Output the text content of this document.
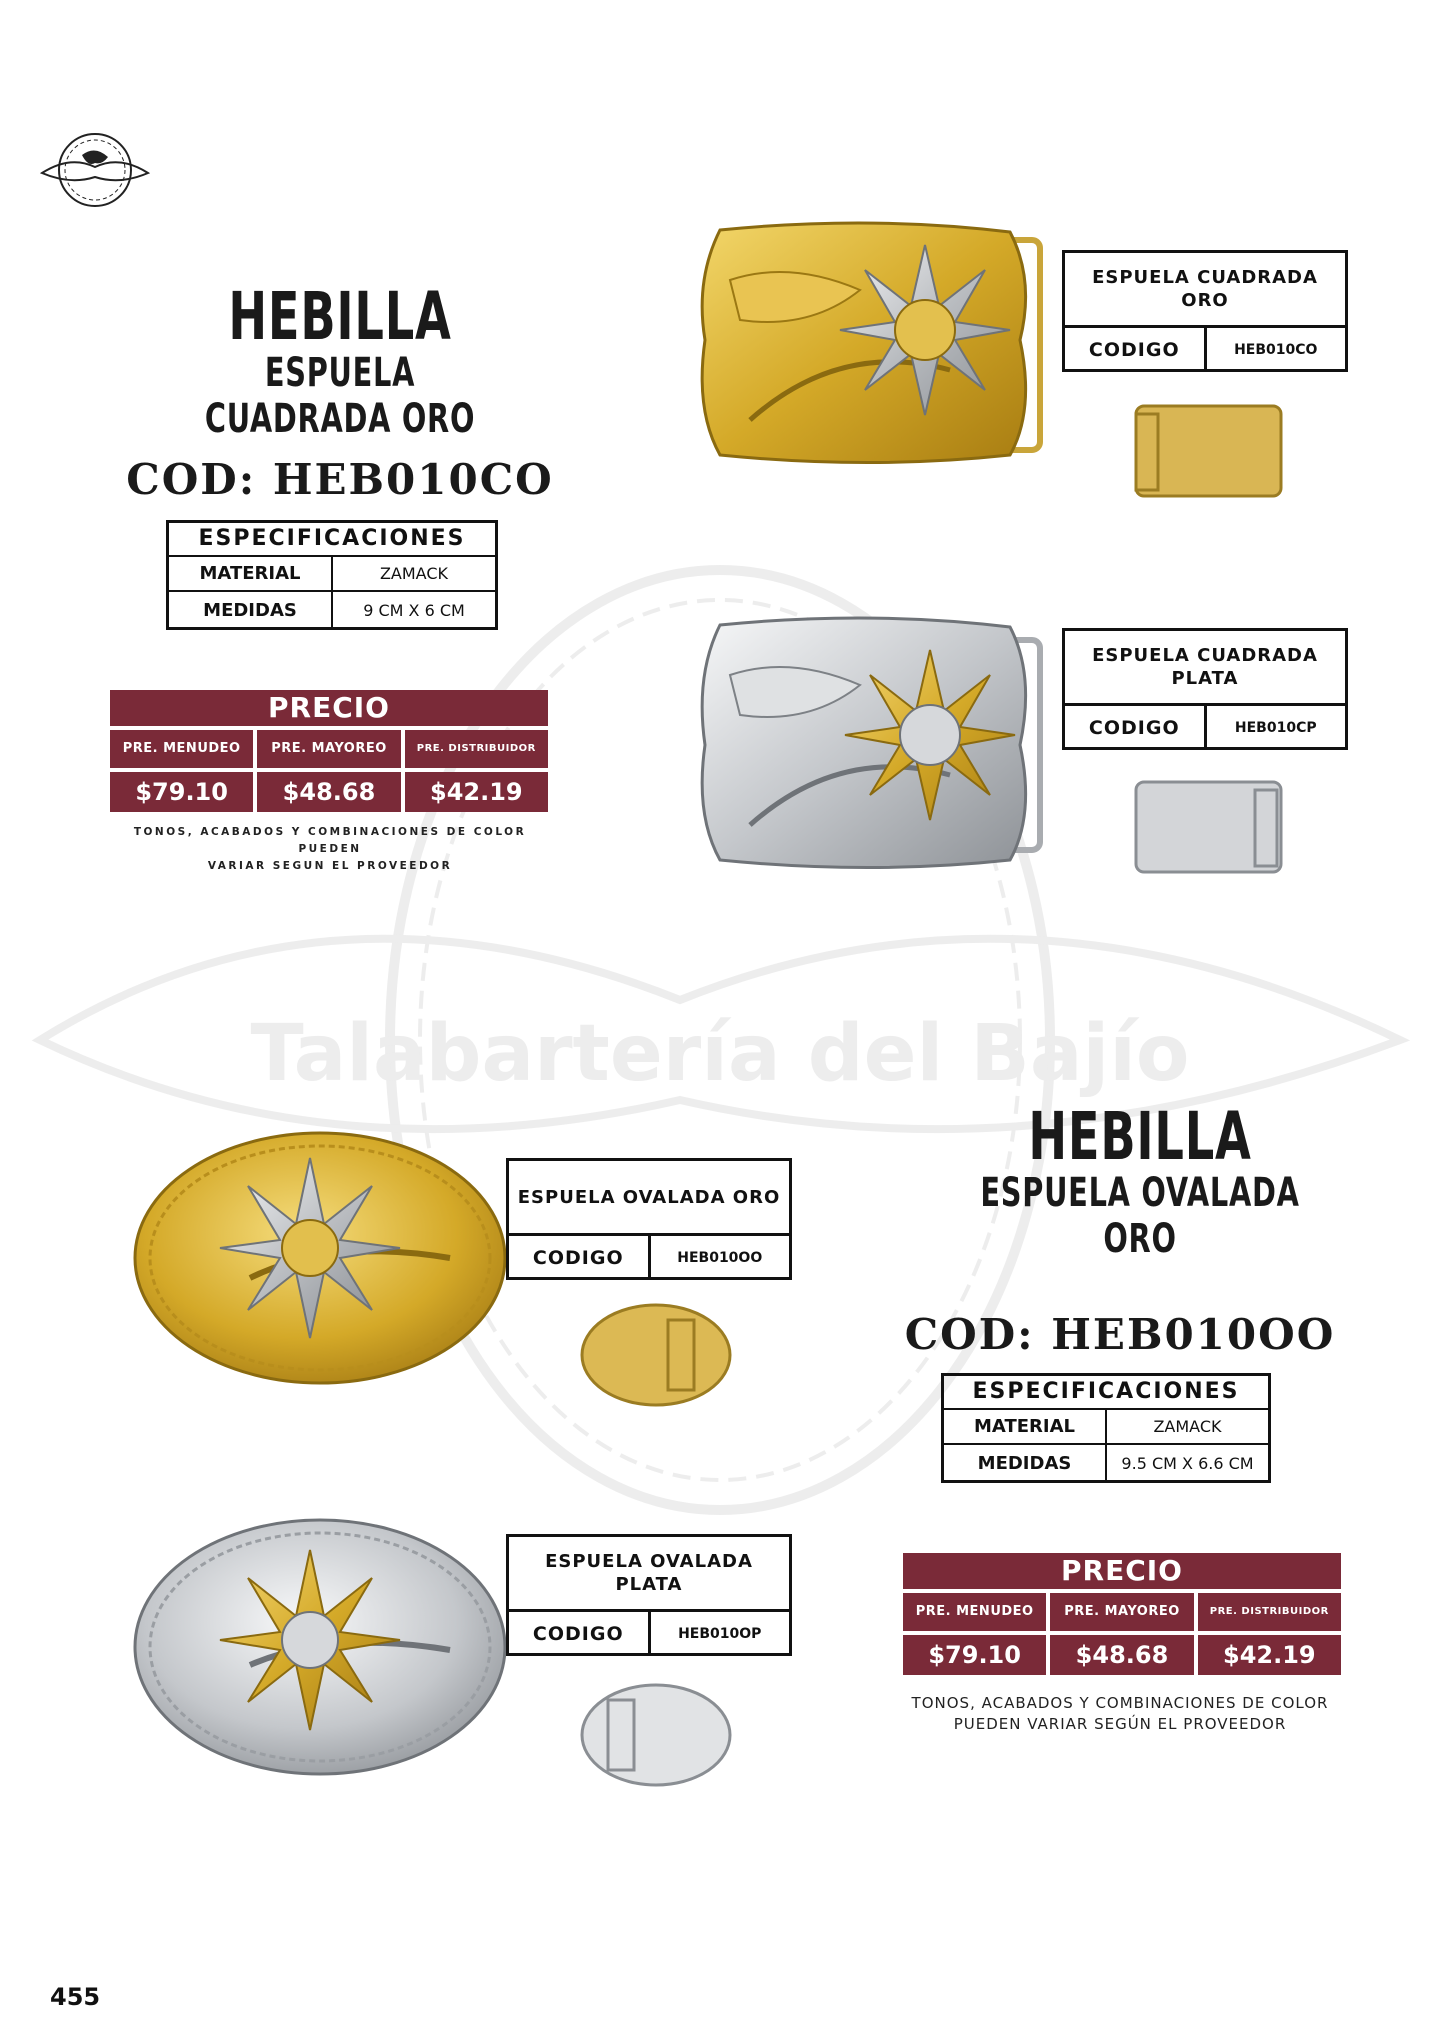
Talabartería del Bajío
HEBILLA
ESPUELA CUADRADA ORO
COD: HEB010CO
ESPECIFICACIONES
MATERIAL	ZAMACK
MEDIDAS	9 CM X 6 CM
PRECIO
PRE. MENUDEO	PRE. MAYOREO	PRE. DISTRIBUIDOR
$79.10	$48.68	$42.19
TONOS, ACABADOS Y COMBINACIONES DE COLOR PUEDEN
VARIAR SEGUN EL PROVEEDOR
ESPUELA CUADRADA
ORO
CODIGO	HEB010CO
ESPUELA CUADRADA
PLATA
CODIGO	HEB010CP
HEBILLA
ESPUELA OVALADA ORO
COD: HEB010OO
ESPECIFICACIONES
MATERIAL	ZAMACK
MEDIDAS	9.5 CM X 6.6 CM
PRECIO
PRE. MENUDEO	PRE. MAYOREO	PRE. DISTRIBUIDOR
$79.10	$48.68	$42.19
TONOS, ACABADOS Y COMBINACIONES DE COLOR
PUEDEN VARIAR SEGÚN EL PROVEEDOR
ESPUELA OVALADA ORO
CODIGO	HEB010OO
ESPUELA OVALADA
PLATA
CODIGO	HEB010OP
455
